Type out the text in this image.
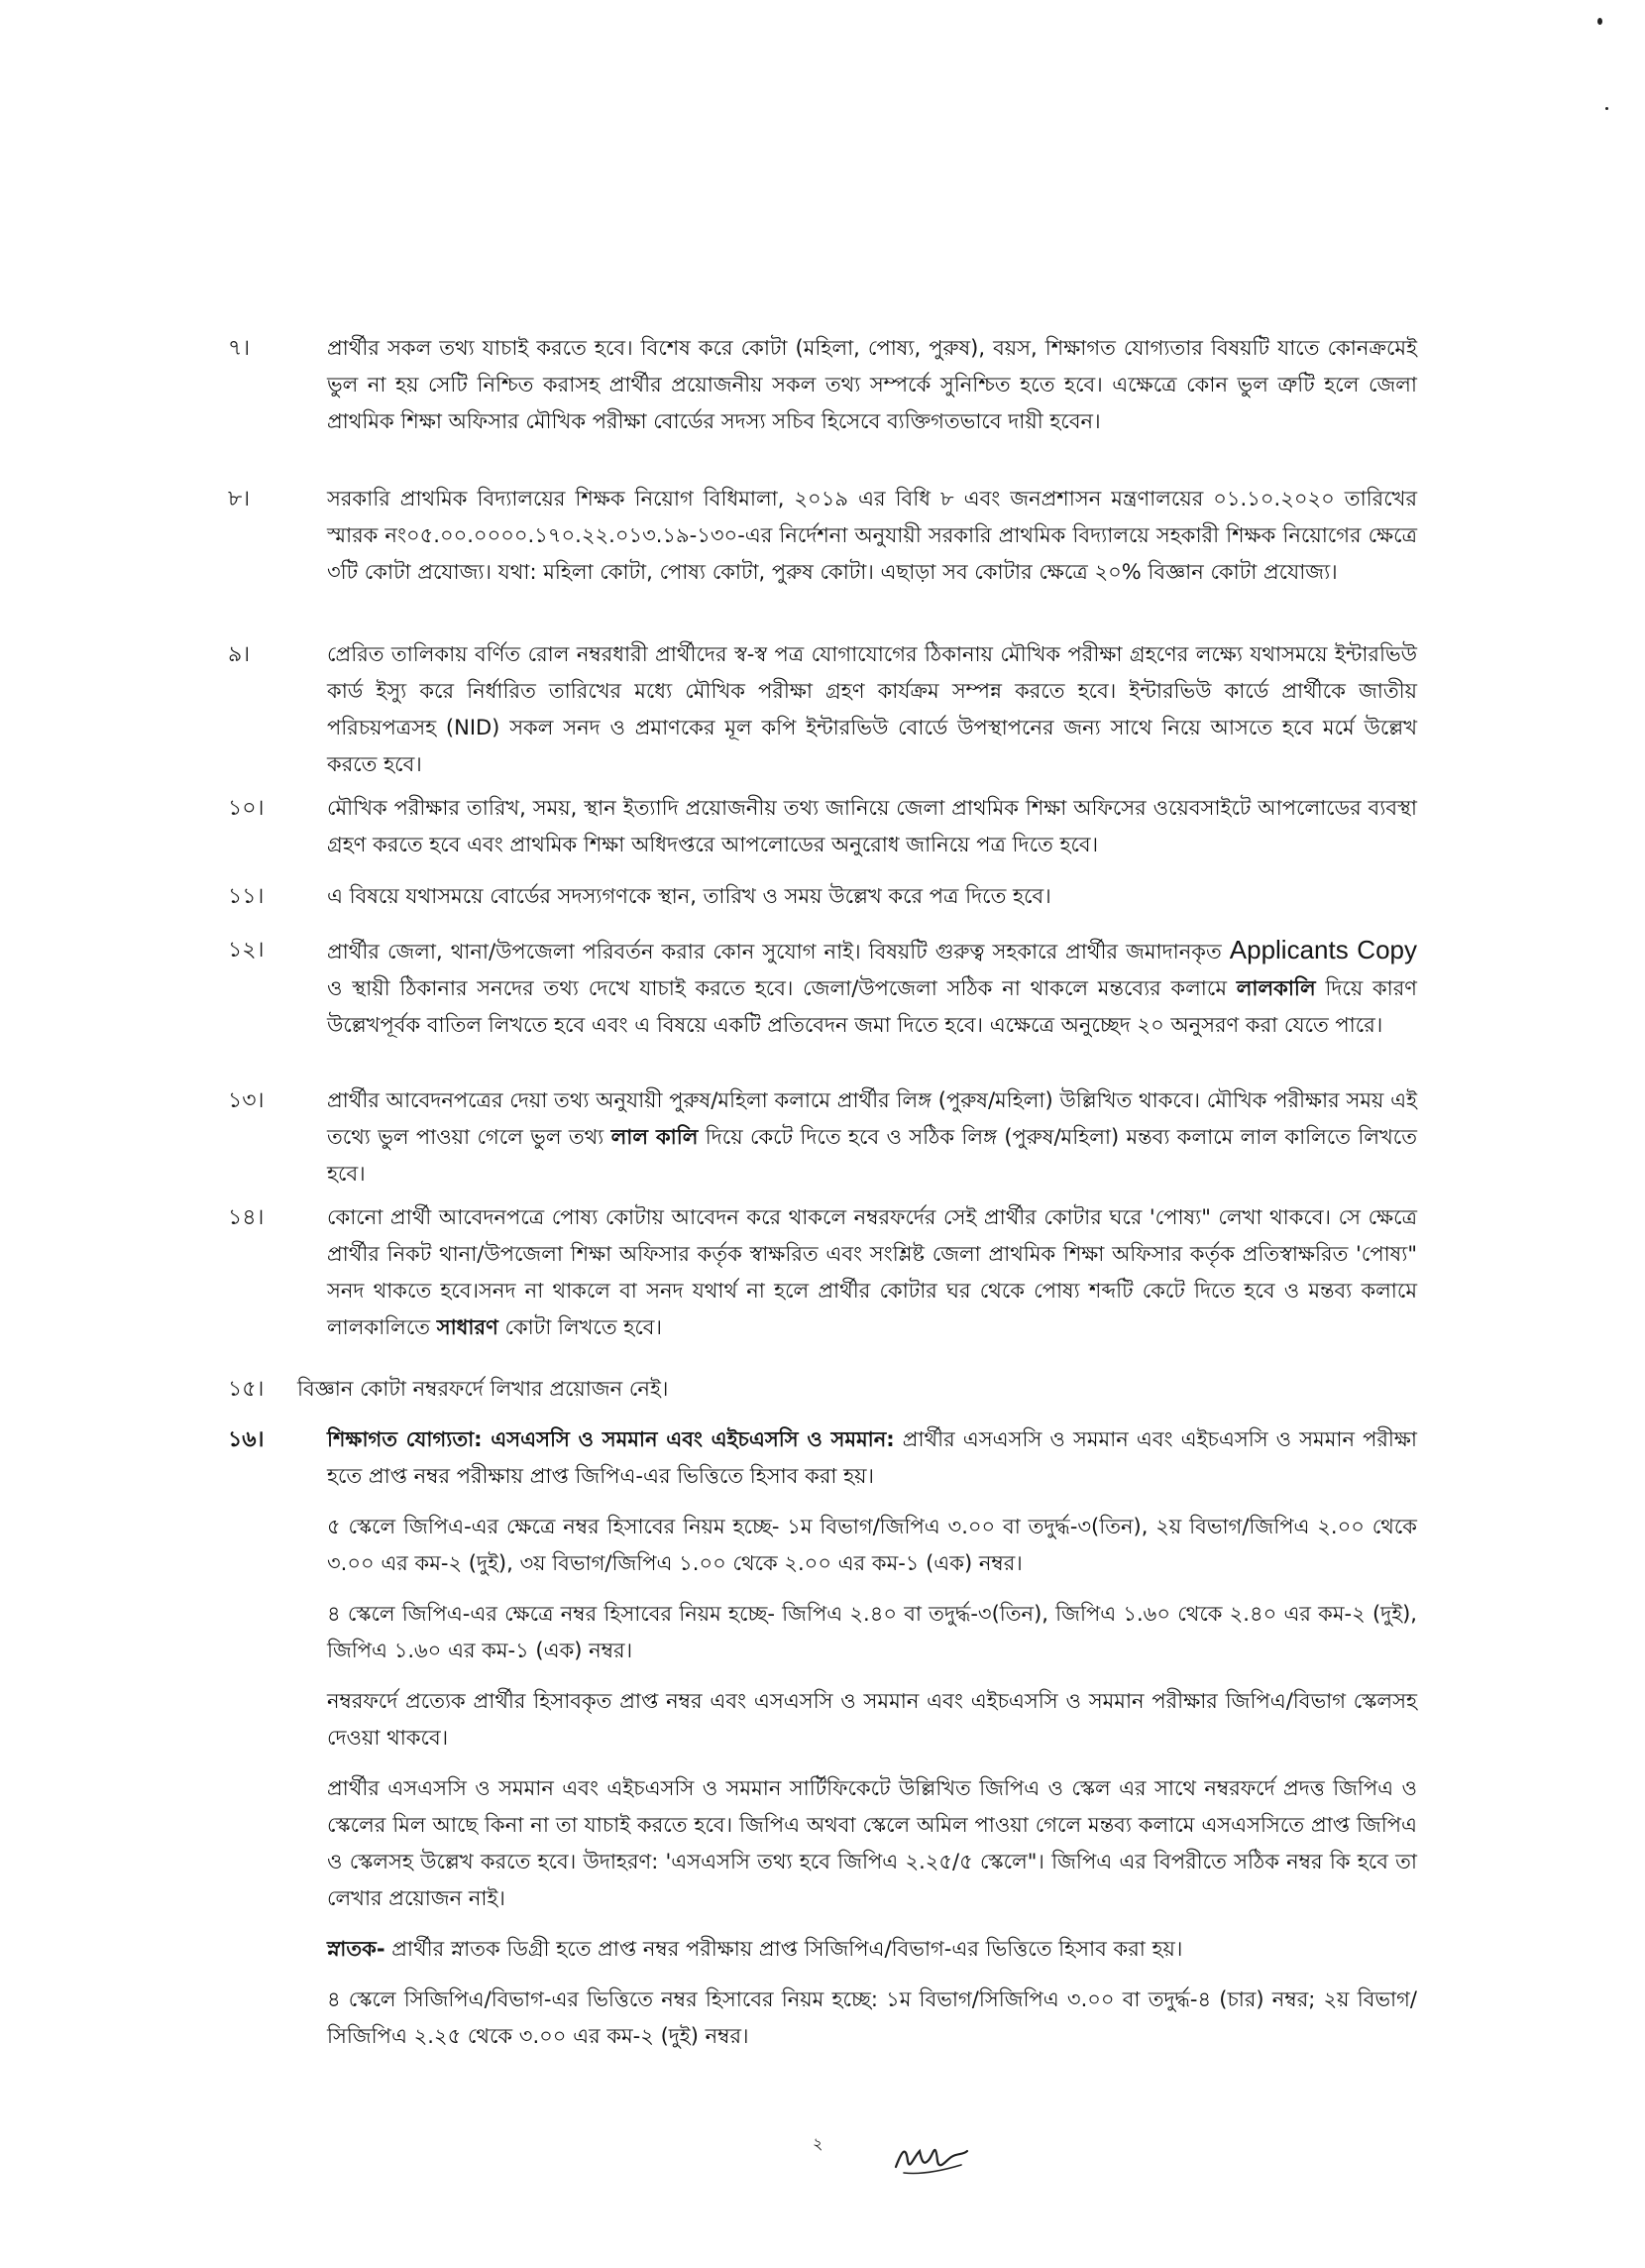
৭।	প্রার্থীর সকল তথ্য যাচাই করতে হবে। বিশেষ করে কোটা (মহিলা, পোষ্য, পুরুষ), বয়স, শিক্ষাগত যোগ্যতার বিষয়টি যাতে কোনক্রমেই ভুল না হয় সেটি নিশ্চিত করাসহ প্রার্থীর প্রয়োজনীয় সকল তথ্য সম্পর্কে সুনিশ্চিত হতে হবে। এক্ষেত্রে কোন ভুল ত্রুটি হলে জেলা প্রাথমিক শিক্ষা অফিসার মৌখিক পরীক্ষা বোর্ডের সদস্য সচিব হিসেবে ব্যক্তিগতভাবে দায়ী হবেন।

৮।	সরকারি প্রাথমিক বিদ্যালয়ের শিক্ষক নিয়োগ বিধিমালা, ২০১৯ এর বিধি ৮ এবং জনপ্রশাসন মন্ত্রণালয়ের ০১.১০.২০২০ তারিখের স্মারক নং০৫.০০.০০০০.১৭০.২২.০১৩.১৯-১৩০-এর নির্দেশনা অনুযায়ী সরকারি প্রাথমিক বিদ্যালয়ে সহকারী শিক্ষক নিয়োগের ক্ষেত্রে ৩টি কোটা প্রযোজ্য। যথা: মহিলা কোটা, পোষ্য কোটা, পুরুষ কোটা। এছাড়া সব কোটার ক্ষেত্রে ২০% বিজ্ঞান কোটা প্রযোজ্য।

৯।	প্রেরিত তালিকায় বর্ণিত রোল নম্বরধারী প্রার্থীদের স্ব-স্ব পত্র যোগাযোগের ঠিকানায় মৌখিক পরীক্ষা গ্রহণের লক্ষ্যে যথাসময়ে ইন্টারভিউ কার্ড ইস্যু করে নির্ধারিত তারিখের মধ্যে মৌখিক পরীক্ষা গ্রহণ কার্যক্রম সম্পন্ন করতে হবে। ইন্টারভিউ কার্ডে প্রার্থীকে জাতীয় পরিচয়পত্রসহ (NID) সকল সনদ ও প্রমাণকের মূল কপি ইন্টারভিউ বোর্ডে উপস্থাপনের জন্য সাথে নিয়ে আসতে হবে মর্মে উল্লেখ করতে হবে।

১০।	মৌখিক পরীক্ষার তারিখ, সময়, স্থান ইত্যাদি প্রয়োজনীয় তথ্য জানিয়ে জেলা প্রাথমিক শিক্ষা অফিসের ওয়েবসাইটে আপলোডের ব্যবস্থা গ্রহণ করতে হবে এবং প্রাথমিক শিক্ষা অধিদপ্তরে আপলোডের অনুরোধ জানিয়ে পত্র দিতে হবে।

১১।	এ বিষয়ে যথাসময়ে বোর্ডের সদস্যগণকে স্থান, তারিখ ও সময় উল্লেখ করে পত্র দিতে হবে।

১২।	প্রার্থীর জেলা, থানা/উপজেলা পরিবর্তন করার কোন সুযোগ নাই। বিষয়টি গুরুত্ব সহকারে প্রার্থীর জমাদানকৃত Applicants Copy ও স্থায়ী ঠিকানার সনদের তথ্য দেখে যাচাই করতে হবে। জেলা/উপজেলা সঠিক না থাকলে মন্তব্যের কলামে লালকালি দিয়ে কারণ উল্লেখপূর্বক বাতিল লিখতে হবে এবং এ বিষয়ে একটি প্রতিবেদন জমা দিতে হবে। এক্ষেত্রে অনুচ্ছেদ ২০ অনুসরণ করা যেতে পারে।

১৩।	প্রার্থীর আবেদনপত্রের দেয়া তথ্য অনুযায়ী পুরুষ/মহিলা কলামে প্রার্থীর লিঙ্গ (পুরুষ/মহিলা) উল্লিখিত থাকবে। মৌখিক পরীক্ষার সময় এই তথ্যে ভুল পাওয়া গেলে ভুল তথ্য লাল কালি দিয়ে কেটে দিতে হবে ও সঠিক লিঙ্গ (পুরুষ/মহিলা) মন্তব্য কলামে লাল কালিতে লিখতে হবে।

১৪।	কোনো প্রার্থী আবেদনপত্রে পোষ্য কোটায় আবেদন করে থাকলে নম্বরফর্দের সেই প্রার্থীর কোটার ঘরে 'পোষ্য" লেখা থাকবে। সে ক্ষেত্রে প্রার্থীর নিকট থানা/উপজেলা শিক্ষা অফিসার কর্তৃক স্বাক্ষরিত এবং সংশ্লিষ্ট জেলা প্রাথমিক শিক্ষা অফিসার কর্তৃক প্রতিস্বাক্ষরিত 'পোষ্য" সনদ থাকতে হবে।সনদ না থাকলে বা সনদ যথার্থ না হলে প্রার্থীর কোটার ঘর থেকে পোষ্য শব্দটি কেটে দিতে হবে ও মন্তব্য কলামে লালকালিতে সাধারণ কোটা লিখতে হবে।

১৫।	বিজ্ঞান কোটা নম্বরফর্দে লিখার প্রয়োজন নেই।

১৬।	শিক্ষাগত যোগ্যতা: এসএসসি ও সমমান এবং এইচএসসি ও সমমান: প্রার্থীর এসএসসি ও সমমান এবং এইচএসসি ও সমমান পরীক্ষা হতে প্রাপ্ত নম্বর পরীক্ষায় প্রাপ্ত জিপিএ-এর ভিত্তিতে হিসাব করা হয়।

৫ স্কেলে জিপিএ-এর ক্ষেত্রে নম্বর হিসাবের নিয়ম হচ্ছে- ১ম বিভাগ/জিপিএ ৩.০০ বা তদুর্দ্ধ-৩(তিন), ২য় বিভাগ/জিপিএ ২.০০ থেকে ৩.০০ এর কম-২ (দুই), ৩য় বিভাগ/জিপিএ ১.০০ থেকে ২.০০ এর কম-১ (এক) নম্বর।

৪ স্কেলে জিপিএ-এর ক্ষেত্রে নম্বর হিসাবের নিয়ম হচ্ছে- জিপিএ ২.৪০ বা তদুর্দ্ধ-৩(তিন), জিপিএ ১.৬০ থেকে ২.৪০ এর কম-২ (দুই), জিপিএ ১.৬০ এর কম-১ (এক) নম্বর।

নম্বরফর্দে প্রত্যেক প্রার্থীর হিসাবকৃত প্রাপ্ত নম্বর এবং এসএসসি ও সমমান এবং এইচএসসি ও সমমান পরীক্ষার জিপিএ/বিভাগ স্কেলসহ দেওয়া থাকবে।

প্রার্থীর এসএসসি ও সমমান এবং এইচএসসি ও সমমান সার্টিফিকেটে উল্লিখিত জিপিএ ও স্কেল এর সাথে নম্বরফর্দে প্রদত্ত জিপিএ ও স্কেলের মিল আছে কিনা না তা যাচাই করতে হবে। জিপিএ অথবা স্কেলে অমিল পাওয়া গেলে মন্তব্য কলামে এসএসসিতে প্রাপ্ত জিপিএ ও স্কেলসহ উল্লেখ করতে হবে। উদাহরণ: 'এসএসসি তথ্য হবে জিপিএ ২.২৫/৫ স্কেলে"। জিপিএ এর বিপরীতে সঠিক নম্বর কি হবে তা লেখার প্রয়োজন নাই।

স্নাতক- প্রার্থীর স্নাতক ডিগ্রী হতে প্রাপ্ত নম্বর পরীক্ষায় প্রাপ্ত সিজিপিএ/বিভাগ-এর ভিত্তিতে হিসাব করা হয়।

৪ স্কেলে সিজিপিএ/বিভাগ-এর ভিত্তিতে নম্বর হিসাবের নিয়ম হচ্ছে: ১ম বিভাগ/সিজিপিএ ৩.০০ বা তদুর্দ্ধ-৪ (চার) নম্বর; ২য় বিভাগ/ সিজিপিএ ২.২৫ থেকে ৩.০০ এর কম-২ (দুই) নম্বর।

২
